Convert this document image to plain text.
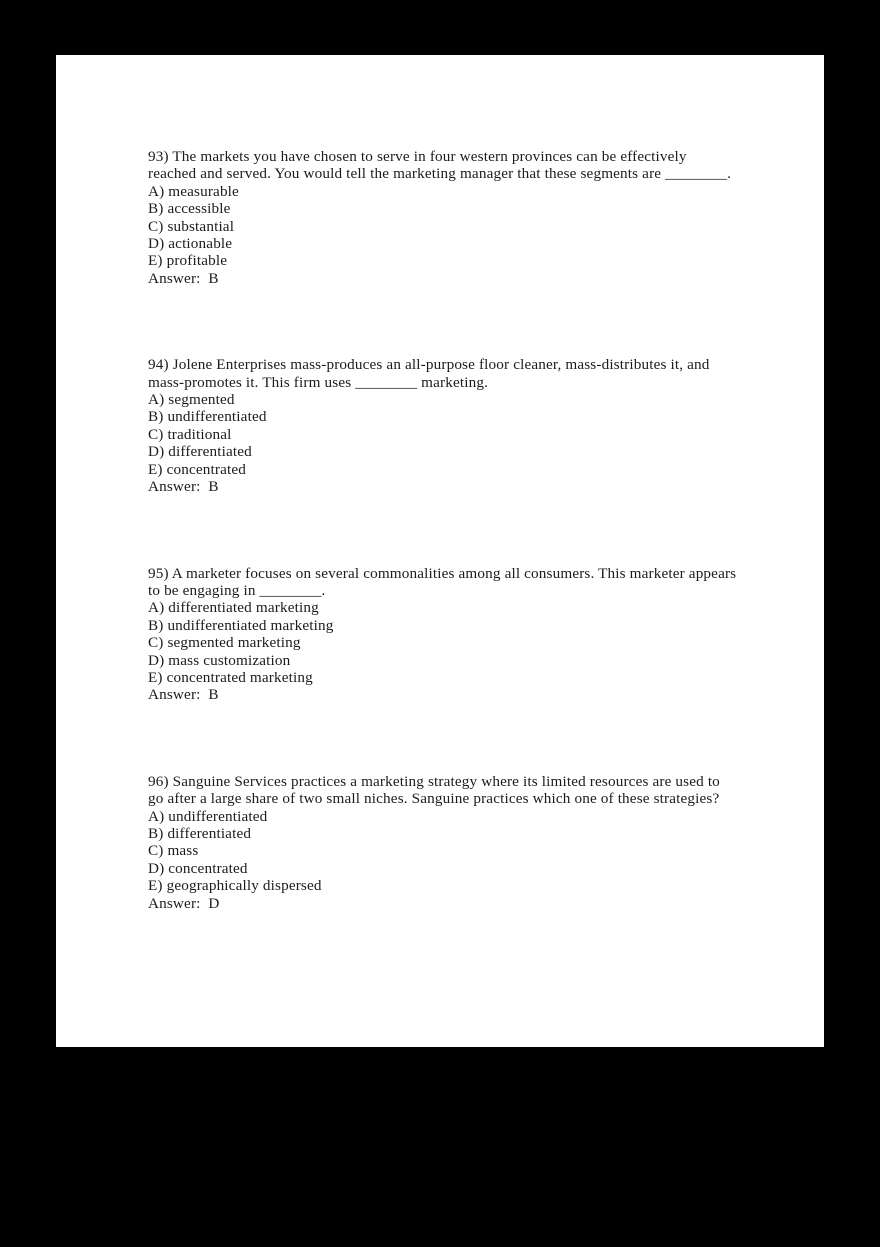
93) The markets you have chosen to serve in four western provinces can be effectively reached and served. You would tell the marketing manager that these segments are ________.

A) measurable

B) accessible

C) substantial

D) actionable

E) profitable

Answer:  B

94) Jolene Enterprises mass-produces an all-purpose floor cleaner, mass-distributes it, and mass-promotes it. This firm uses ________ marketing.

A) segmented

B) undifferentiated

C) traditional

D) differentiated

E) concentrated

Answer:  B

95) A marketer focuses on several commonalities among all consumers. This marketer appears to be engaging in ________.

A) differentiated marketing

B) undifferentiated marketing

C) segmented marketing

D) mass customization

E) concentrated marketing

Answer:  B

96) Sanguine Services practices a marketing strategy where its limited resources are used to go after a large share of two small niches. Sanguine practices which one of these strategies?

A) undifferentiated

B) differentiated

C) mass

D) concentrated

E) geographically dispersed

Answer:  D
